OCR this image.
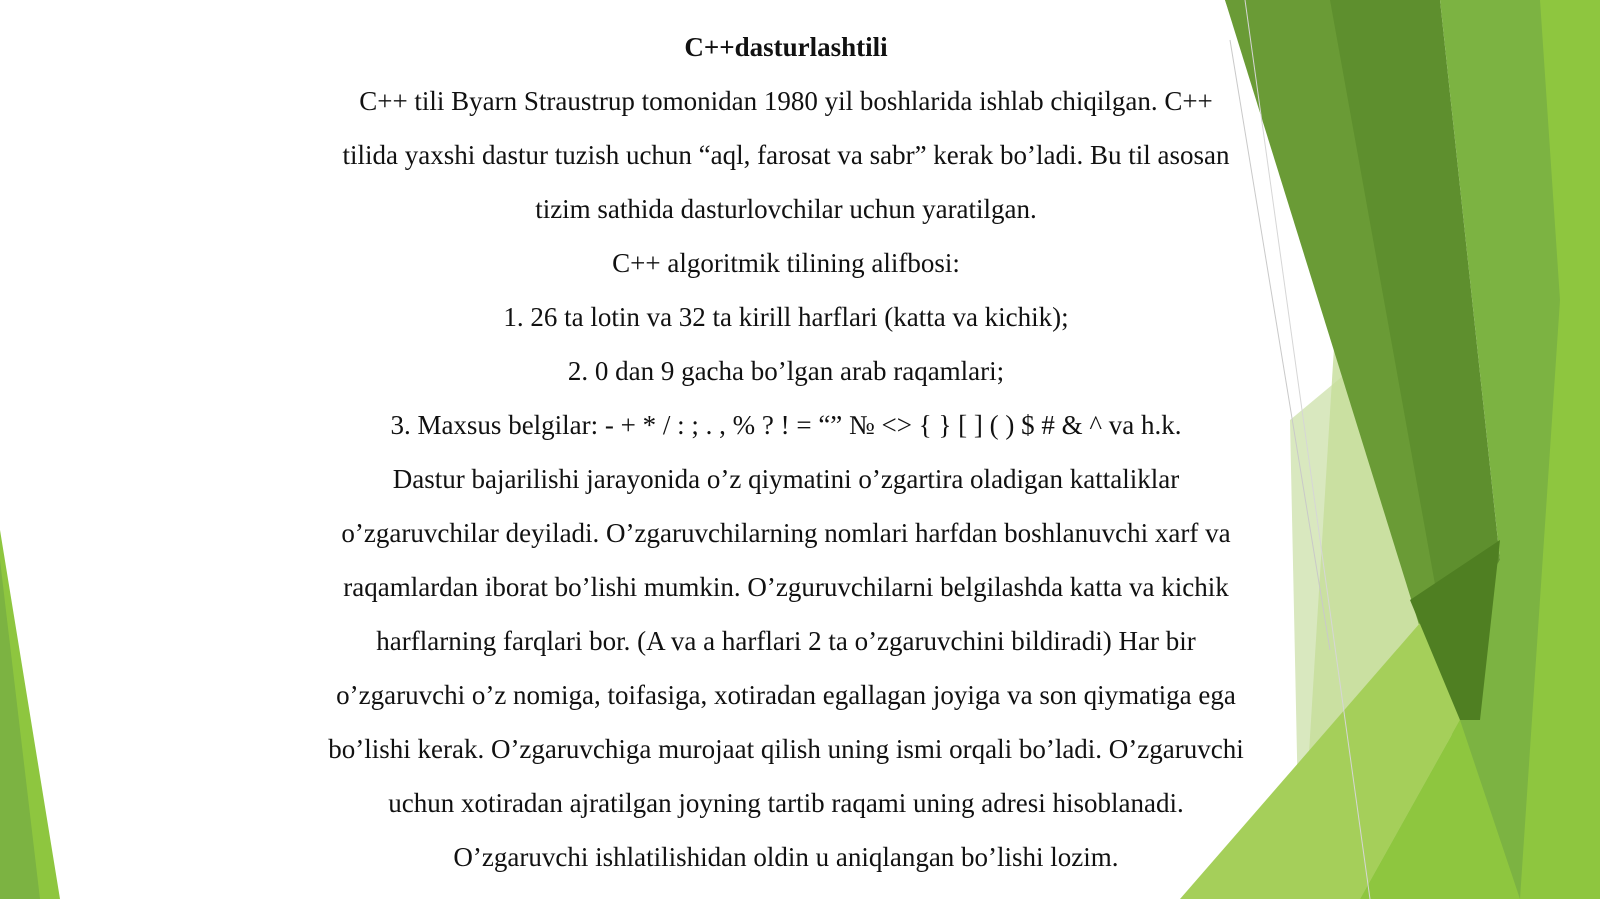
C++dasturlashtili

C++ tili Byarn Straustrup tomonidan 1980 yil boshlarida ishlab chiqilgan. C++

tilida yaxshi dastur tuzish uchun “aql, farosat va sabr” kerak bo’ladi. Bu til asosan

tizim sathida dasturlovchilar uchun yaratilgan.

C++ algoritmik tilining alifbosi:

1. 26 ta lotin va 32 ta kirill harflari (katta va kichik);

2. 0 dan 9 gacha bo’lgan arab raqamlari;

3. Maxsus belgilar: - + * / : ; . , % ? ! = “” № <> { } [ ] ( ) $ # & ^ va h.k.

Dastur bajarilishi jarayonida o’z qiymatini o’zgartira oladigan kattaliklar

o’zgaruvchilar deyiladi. O’zgaruvchilarning nomlari harfdan boshlanuvchi xarf va

raqamlardan iborat bo’lishi mumkin. O’zguruvchilarni belgilashda katta va kichik

harflarning farqlari bor. (A va a harflari 2 ta o’zgaruvchini bildiradi) Har bir

o’zgaruvchi o’z nomiga, toifasiga, xotiradan egallagan joyiga va son qiymatiga ega

bo’lishi kerak. O’zgaruvchiga murojaat qilish uning ismi orqali bo’ladi. O’zgaruvchi

uchun xotiradan ajratilgan joyning tartib raqami uning adresi hisoblanadi.

O’zgaruvchi ishlatilishidan oldin u aniqlangan bo’lishi lozim.
